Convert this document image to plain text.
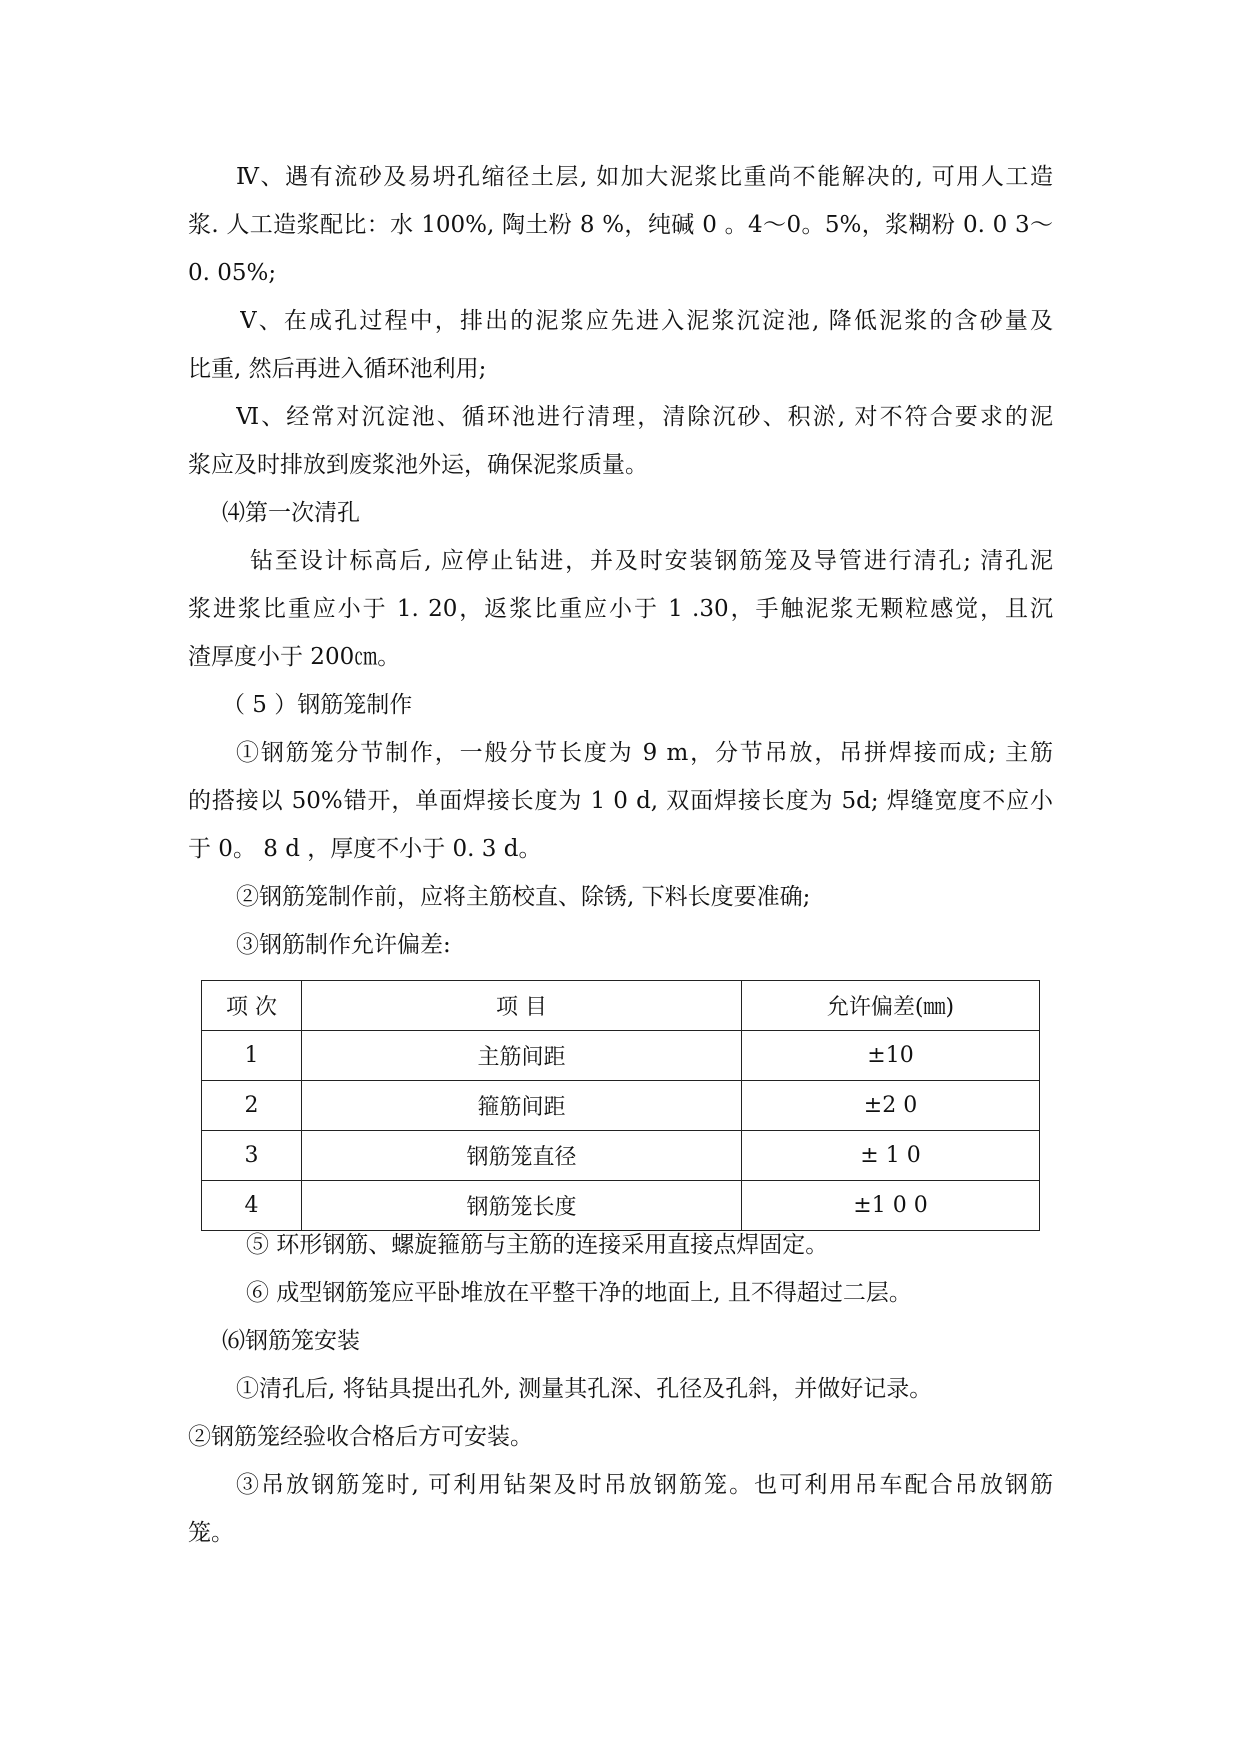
Ⅳ、遇有流砂及易坍孔缩径土层, 如加大泥浆比重尚不能解决的, 可用人工造
浆. 人工造浆配比：水 100%, 陶土粉 8 %，纯碱 0 。4～0。5%，浆糊粉 0. 0 3～
0. 05%;
Ⅴ、在成孔过程中，排出的泥浆应先进入泥浆沉淀池, 降低泥浆的含砂量及
比重, 然后再进入循环池利用;
Ⅵ、经常对沉淀池、循环池进行清理，清除沉砂、积淤, 对不符合要求的泥
浆应及时排放到废浆池外运，确保泥浆质量。
⑷第一次清孔
钻至设计标高后, 应停止钻进，并及时安装钢筋笼及导管进行清孔; 清孔泥
浆进浆比重应小于 1. 20，返浆比重应小于 1 .30，手触泥浆无颗粒感觉，且沉
渣厚度小于 200㎝。
（ 5 ）钢筋笼制作
①钢筋笼分节制作，一般分节长度为 9 m，分节吊放，吊拼焊接而成; 主筋
的搭接以 50%错开，单面焊接长度为 1 0 d, 双面焊接长度为 5d; 焊缝宽度不应小
于 0。 8 d ，厚度不小于 0. 3 d。
②钢筋笼制作前，应将主筋校直、除锈, 下料长度要准确;
③钢筋制作允许偏差:
项 次	项 目	允许偏差(㎜)
1	主筋间距	±10
2	箍筋间距	±2 0
3	钢筋笼直径	± 1 0
4	钢筋笼长度	±1 0 0
⑤ 环形钢筋、螺旋箍筋与主筋的连接采用直接点焊固定。
⑥ 成型钢筋笼应平卧堆放在平整干净的地面上, 且不得超过二层。
⑹钢筋笼安装
①清孔后, 将钻具提出孔外, 测量其孔深、孔径及孔斜，并做好记录。
②钢筋笼经验收合格后方可安装。
③吊放钢筋笼时, 可利用钻架及时吊放钢筋笼。也可利用吊车配合吊放钢筋
笼。
